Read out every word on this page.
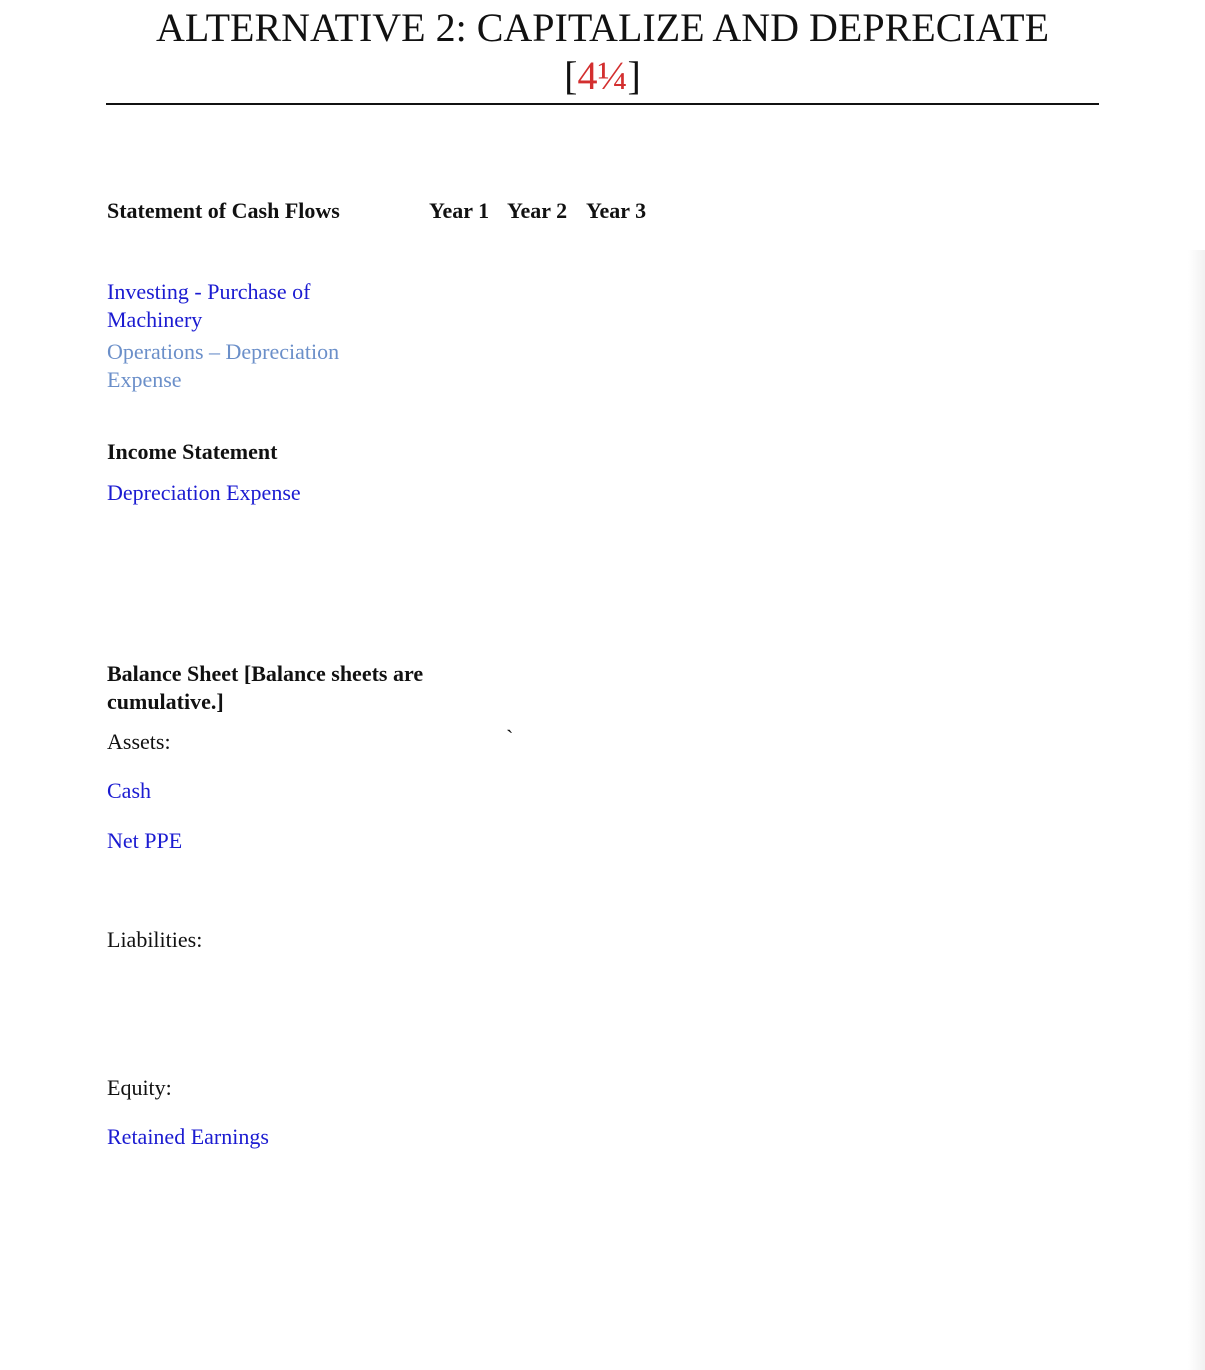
ALTERNATIVE 2: CAPITALIZE AND DEPRECIATE
[4¼]
Statement of Cash Flows	Year 1 Year 2 Year 3
Investing - Purchase of
Machinery
Operations – Depreciation
Expense
Income Statement
Depreciation Expense
Balance Sheet [Balance sheets are
cumulative.]
Assets:	`
Cash
Net PPE
Liabilities:
Equity:
Retained Earnings
